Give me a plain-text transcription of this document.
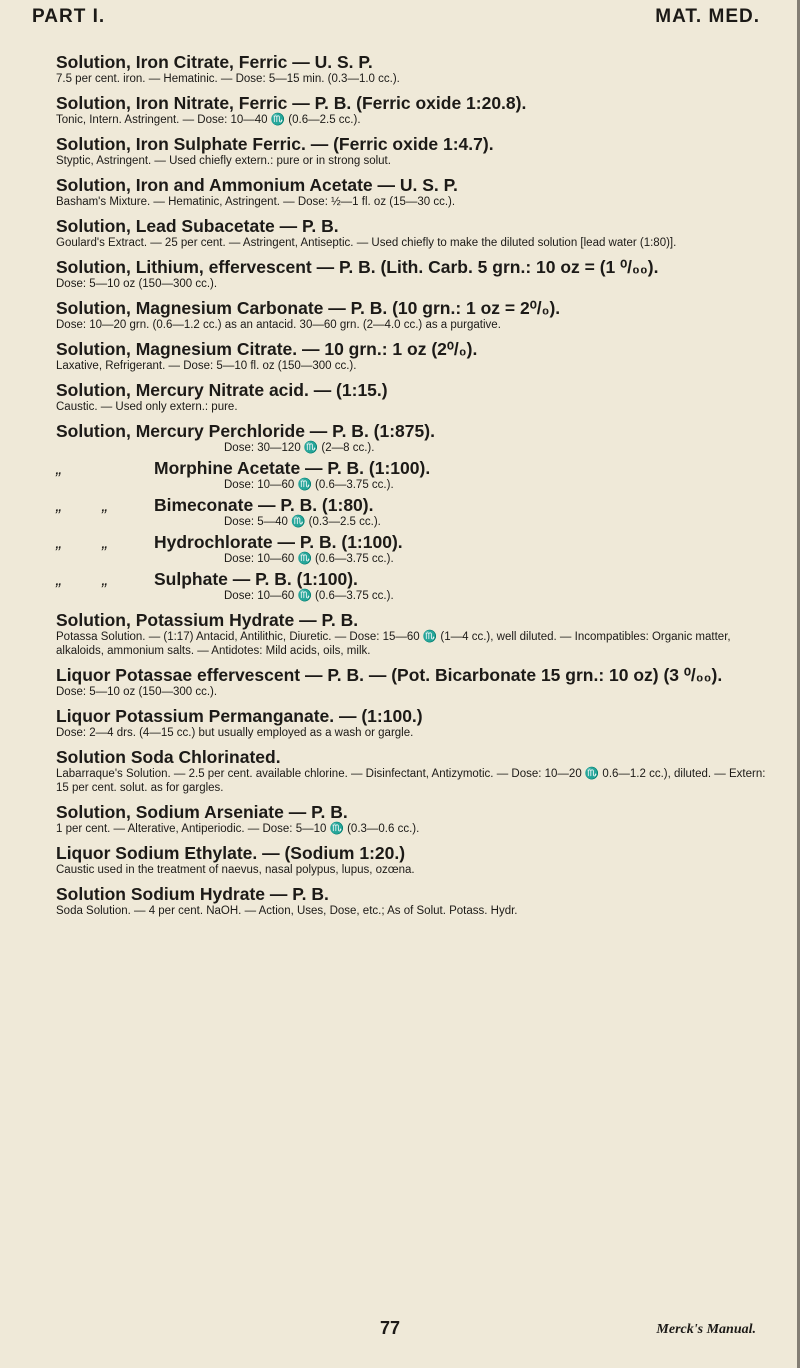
PART I.	MAT. MED.
Solution, Iron Citrate, Ferric — U. S. P.
7.5 per cent. iron. — Hematinic. — Dose: 5—15 min. (0.3—1.0 cc.).
Solution, Iron Nitrate, Ferric — P. B. (Ferric oxide 1:20.8).
Tonic, Intern. Astringent. — Dose: 10—40 ♏ (0.6—2.5 cc.).
Solution, Iron Sulphate Ferric. — (Ferric oxide 1:4.7).
Styptic, Astringent. — Used chiefly extern.: pure or in strong solut.
Solution, Iron and Ammonium Acetate — U. S. P.
Basham's Mixture. — Hematinic, Astringent. — Dose: ½—1 fl. oz (15—30 cc.).
Solution, Lead Subacetate — P. B.
Goulard's Extract. — 25 per cent. — Astringent, Antiseptic. — Used chiefly to make the diluted solution [lead water (1:80)].
Solution, Lithium, effervescent — P. B. (Lith. Carb. 5 grn.: 10 oz = (1 ⁰/₀₀).
Dose: 5—10 oz (150—300 cc.).
Solution, Magnesium Carbonate — P. B. (10 grn.: 1 oz = 2⁰/₀).
Dose: 10—20 grn. (0.6—1.2 cc.) as an antacid. 30—60 grn. (2—4.0 cc.) as a purgative.
Solution, Magnesium Citrate. — 10 grn.: 1 oz (2⁰/₀).
Laxative, Refrigerant. — Dose: 5—10 fl. oz (150—300 cc.).
Solution, Mercury Nitrate acid. — (1:15.)
Caustic. — Used only extern.: pure.
Solution, Mercury Perchloride — P. B. (1:875).
Dose: 30—120 ♏ (2—8 cc.).
„	Morphine Acetate — P. B. (1:100).
Dose: 10—60 ♏ (0.6—3.75 cc.).
„ „	Bimeconate — P. B. (1:80).
Dose: 5—40 ♏ (0.3—2.5 cc.).
„ „	Hydrochlorate — P. B. (1:100).
Dose: 10—60 ♏ (0.6—3.75 cc.).
„ „	Sulphate — P. B. (1:100).
Dose: 10—60 ♏ (0.6—3.75 cc.).
Solution, Potassium Hydrate — P. B.
Potassa Solution. — (1:17) Antacid, Antilithic, Diuretic. — Dose: 15—60 ♏ (1—4 cc.), well diluted. — Incompatibles: Organic matter, alkaloids, ammonium salts. — Antidotes: Mild acids, oils, milk.
Liquor Potassae effervescent — P. B. — (Pot. Bicarbonate 15 grn.: 10 oz) (3 ⁰/₀₀).
Dose: 5—10 oz (150—300 cc.).
Liquor Potassium Permanganate. — (1:100.)
Dose: 2—4 drs. (4—15 cc.) but usually employed as a wash or gargle.
Solution Soda Chlorinated.
Labarraque's Solution. — 2.5 per cent. available chlorine. — Disinfectant, Antizymotic. — Dose: 10—20 ♏ 0.6—1.2 cc.), diluted. — Extern: 15 per cent. solut. as for gargles.
Solution, Sodium Arseniate — P. B.
1 per cent. — Alterative, Antiperiodic. — Dose: 5—10 ♏ (0.3—0.6 cc.).
Liquor Sodium Ethylate. — (Sodium 1:20.)
Caustic used in the treatment of naevus, nasal polypus, lupus, ozœna.
Solution Sodium Hydrate — P. B.
Soda Solution. — 4 per cent. NaOH. — Action, Uses, Dose, etc.; As of Solut. Potass. Hydr.
77	Merck's Manual.
